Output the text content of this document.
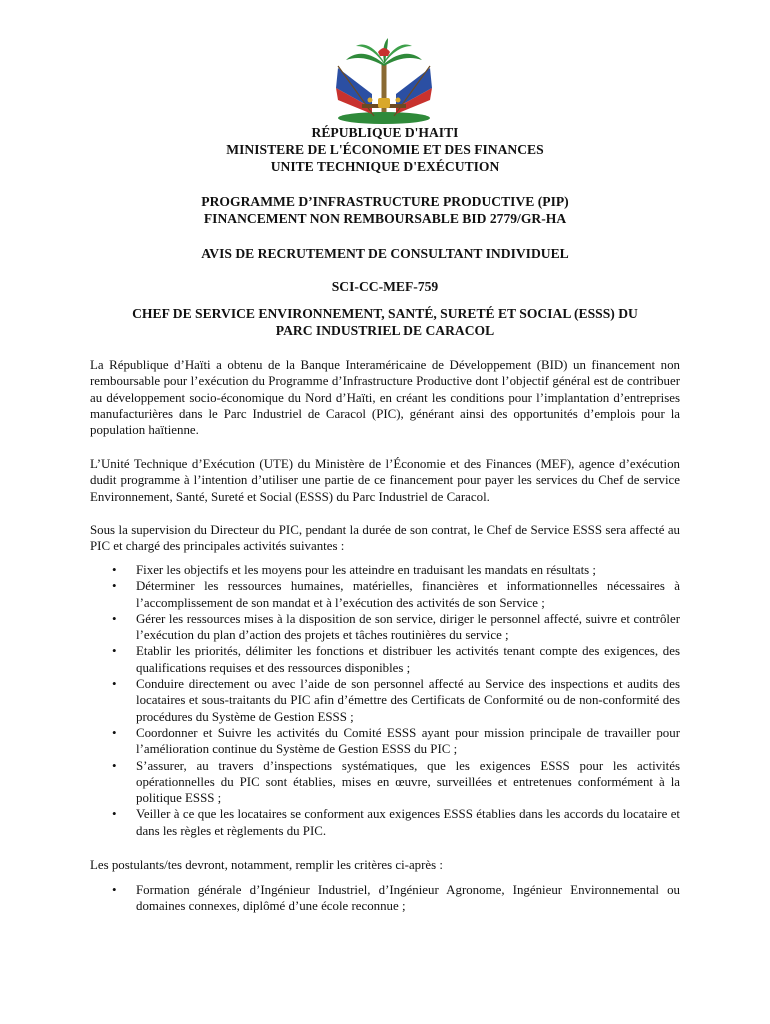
RÉPUBLIQUE D'HAITI
MINISTERE DE L'ÉCONOMIE ET DES FINANCES
UNITE TECHNIQUE D'EXÉCUTION
PROGRAMME D’INFRASTRUCTURE PRODUCTIVE (PIP)
FINANCEMENT NON REMBOURSABLE BID 2779/GR-HA
AVIS DE RECRUTEMENT DE CONSULTANT INDIVIDUEL
SCI-CC-MEF-759
CHEF DE SERVICE ENVIRONNEMENT, SANTÉ, SURETÉ ET SOCIAL (ESSS) DU
PARC INDUSTRIEL DE CARACOL

La République d’Haïti a obtenu de la Banque Interaméricaine de Développement (BID) un financement non remboursable pour l’exécution du Programme d’Infrastructure Productive dont l’objectif général est de contribuer au développement socio-économique du Nord d’Haïti, en créant les conditions pour l’implantation d’entreprises manufacturières dans le Parc Industriel de Caracol (PIC), générant ainsi des opportunités d’emplois pour la population haïtienne.

L’Unité Technique d’Exécution (UTE) du Ministère de l’Économie et des Finances (MEF), agence d’exécution dudit programme à l’intention d’utiliser une partie de ce financement pour payer les services du Chef de service Environnement, Santé, Sureté et Social (ESSS) du Parc Industriel de Caracol.

Sous la supervision du Directeur du PIC, pendant la durée de son contrat, le Chef de Service ESSS sera affecté au PIC et chargé des principales activités suivantes :

• Fixer les objectifs et les moyens pour les atteindre en traduisant les mandats en résultats ;
• Déterminer les ressources humaines, matérielles, financières et informationnelles nécessaires à l’accomplissement de son mandat et à l’exécution des activités de son Service ;
• Gérer les ressources mises à la disposition de son service, diriger le personnel affecté, suivre et contrôler l’exécution du plan d’action des projets et tâches routinières du service ;
• Etablir les priorités, délimiter les fonctions et distribuer les activités tenant compte des exigences, des qualifications requises et des ressources disponibles ;
• Conduire directement ou avec l’aide de son personnel affecté au Service des inspections et audits des locataires et sous-traitants du PIC afin d’émettre des Certificats de Conformité ou de non-conformité des procédures du Système de Gestion ESSS ;
• Coordonner et Suivre les activités du Comité ESSS ayant pour mission principale de travailler pour l’amélioration continue du Système de Gestion ESSS du PIC ;
• S’assurer, au travers d’inspections systématiques, que les exigences ESSS pour les activités opérationnelles du PIC sont établies, mises en œuvre, surveillées et entretenues conformément à la politique ESSS ;
• Veiller à ce que les locataires se conforment aux exigences ESSS établies dans les accords du locataire et dans les règles et règlements du PIC.

Les postulants/tes devront, notamment, remplir les critères ci-après :

• Formation générale d’Ingénieur Industriel, d’Ingénieur Agronome, Ingénieur Environnemental ou domaines connexes, diplômé d’une école reconnue ;
